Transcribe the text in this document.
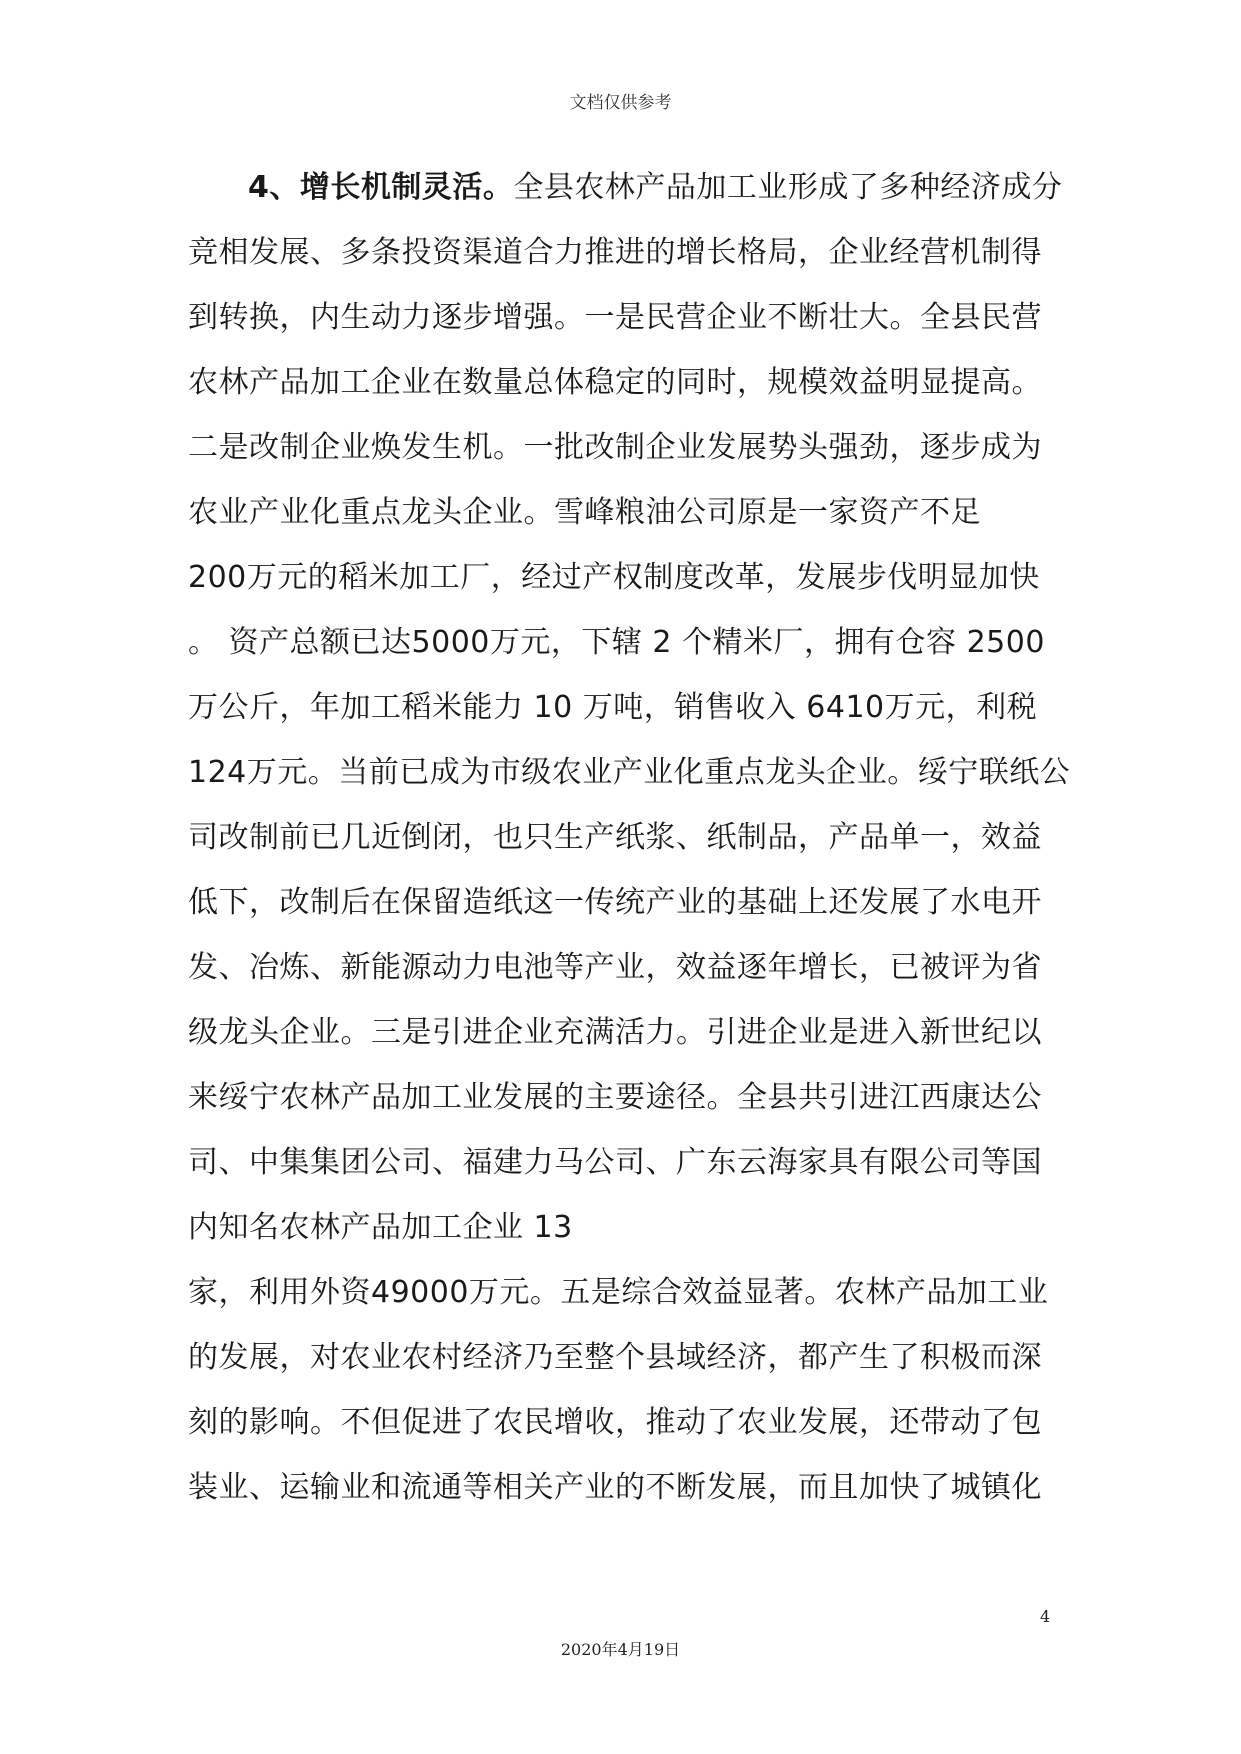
文档仅供参考
4、增长机制灵活。全县农林产品加工业形成了多种经济成分
竞相发展、多条投资渠道合力推进的增长格局，企业经营机制得
到转换，内生动力逐步增强。一是民营企业不断壮大。全县民营
农林产品加工企业在数量总体稳定的同时，规模效益明显提高。
二是改制企业焕发生机。一批改制企业发展势头强劲，逐步成为
农业产业化重点龙头企业。雪峰粮油公司原是一家资产不足
200万元的稻米加工厂，经过产权制度改革，发展步伐明显加快
。 资产总额已达5000万元，下辖 2 个精米厂，拥有仓容 2500
万公斤，年加工稻米能力 10 万吨，销售收入 6410万元，利税
124万元。当前已成为市级农业产业化重点龙头企业。绥宁联纸公
司改制前已几近倒闭，也只生产纸浆、纸制品，产品单一，效益
低下，改制后在保留造纸这一传统产业的基础上还发展了水电开
发、冶炼、新能源动力电池等产业，效益逐年增长，已被评为省
级龙头企业。三是引进企业充满活力。引进企业是进入新世纪以
来绥宁农林产品加工业发展的主要途径。全县共引进江西康达公
司、中集集团公司、福建力马公司、广东云海家具有限公司等国
内知名农林产品加工企业 13
家，利用外资49000万元。五是综合效益显著。农林产品加工业
的发展，对农业农村经济乃至整个县域经济，都产生了积极而深
刻的影响。不但促进了农民增收，推动了农业发展，还带动了包
装业、运输业和流通等相关产业的不断发展，而且加快了城镇化
4
2020年4月19日
